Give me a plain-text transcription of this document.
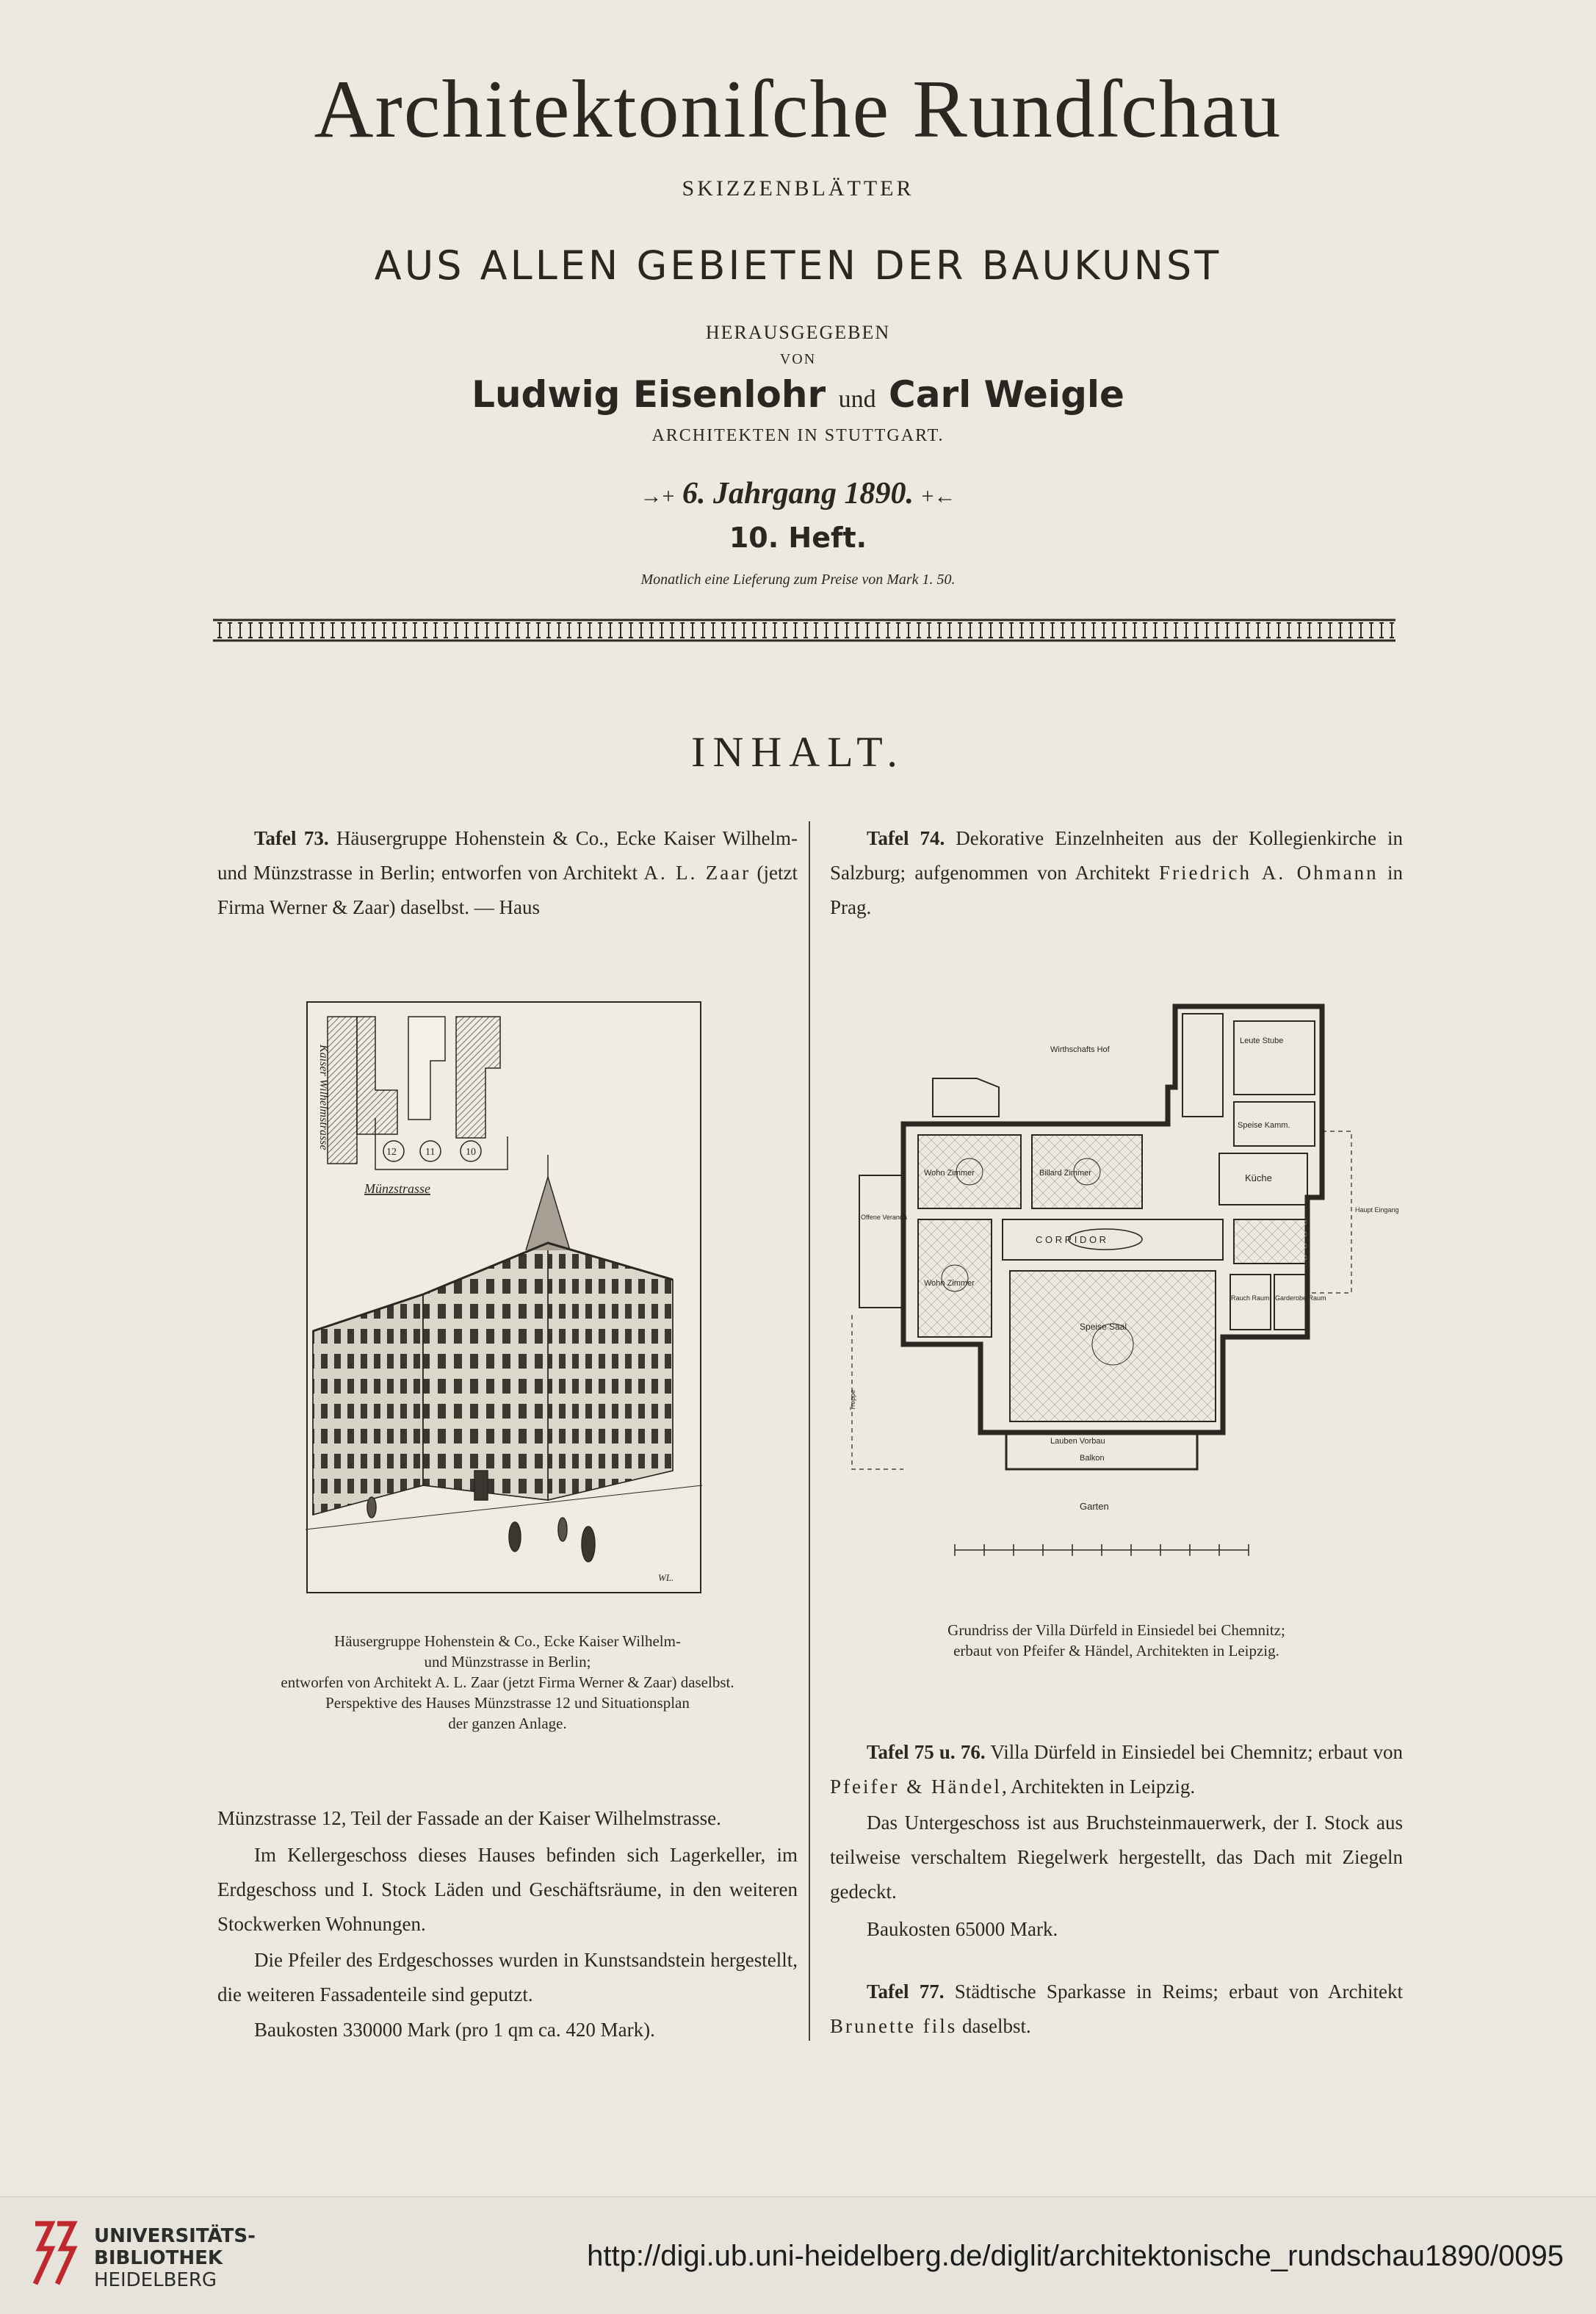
Architektoniſche Rundſchau
SKIZZENBLÄTTER
AUS ALLEN GEBIETEN DER BAUKUNST
HERAUSGEGEBEN
VON
Ludwig Eisenlohr und Carl Weigle
ARCHITEKTEN IN STUTTGART.
→+ 6. Jahrgang 1890. +←
10. Heft.
Monatlich eine Lieferung zum Preise von Mark 1. 50.
INHALT.
Tafel 73. Häusergruppe Hohenstein & Co., Ecke Kaiser Wilhelm- und Münzstrasse in Berlin; entworfen von Architekt A. L. Zaar (jetzt Firma Werner & Zaar) daselbst. — Haus
Kaiser Wilhelmstrasse
12	11	10
Münzstrasse
WL.
Häusergruppe Hohenstein & Co., Ecke Kaiser Wilhelm-
und Münzstrasse in Berlin;
entworfen von Architekt A. L. Zaar (jetzt Firma Werner & Zaar) daselbst.
Perspektive des Hauses Münzstrasse 12 und Situationsplan
der ganzen Anlage.
Münzstrasse 12, Teil der Fassade an der Kaiser Wilhelmstrasse.
Im Kellergeschoss dieses Hauses befinden sich Lagerkeller, im Erdgeschoss und I. Stock Läden und Geschäftsräume, in den weiteren Stockwerken Wohnungen.
Die Pfeiler des Erdgeschosses wurden in Kunstsandstein hergestellt, die weiteren Fassadenteile sind geputzt.
Baukosten 330000 Mark (pro 1 qm ca. 420 Mark).
Tafel 74. Dekorative Einzelnheiten aus der Kollegienkirche in Salzburg; aufgenommen von Architekt Friedrich A. Ohmann in Prag.
Wirthschafts Hof
Leute Stube
Speise Kamm.
Küche
Wohn Zimmer	Billard Zimmer
C O R R I D O R
Offene Veranda
Wohn Zimmer
Speise Saal
Rauch Raum Garderobe Raum
Lauben Vorbau
Balkon
Garten
Haupt Eingang
Treppe
Grundriss der Villa Dürfeld in Einsiedel bei Chemnitz;
erbaut von Pfeifer & Händel, Architekten in Leipzig.
Tafel 75 u. 76. Villa Dürfeld in Einsiedel bei Chemnitz; erbaut von Pfeifer & Händel, Architekten in Leipzig.
Das Untergeschoss ist aus Bruchsteinmauerwerk, der I. Stock aus teilweise verschaltem Riegelwerk hergestellt, das Dach mit Ziegeln gedeckt.
Baukosten 65000 Mark.
Tafel 77. Städtische Sparkasse in Reims; erbaut von Architekt Brunette fils daselbst.
UNIVERSITÄTS-
BIBLIOTHEK
HEIDELBERG
http://digi.ub.uni-heidelberg.de/diglit/architektonische_rundschau1890/0095
